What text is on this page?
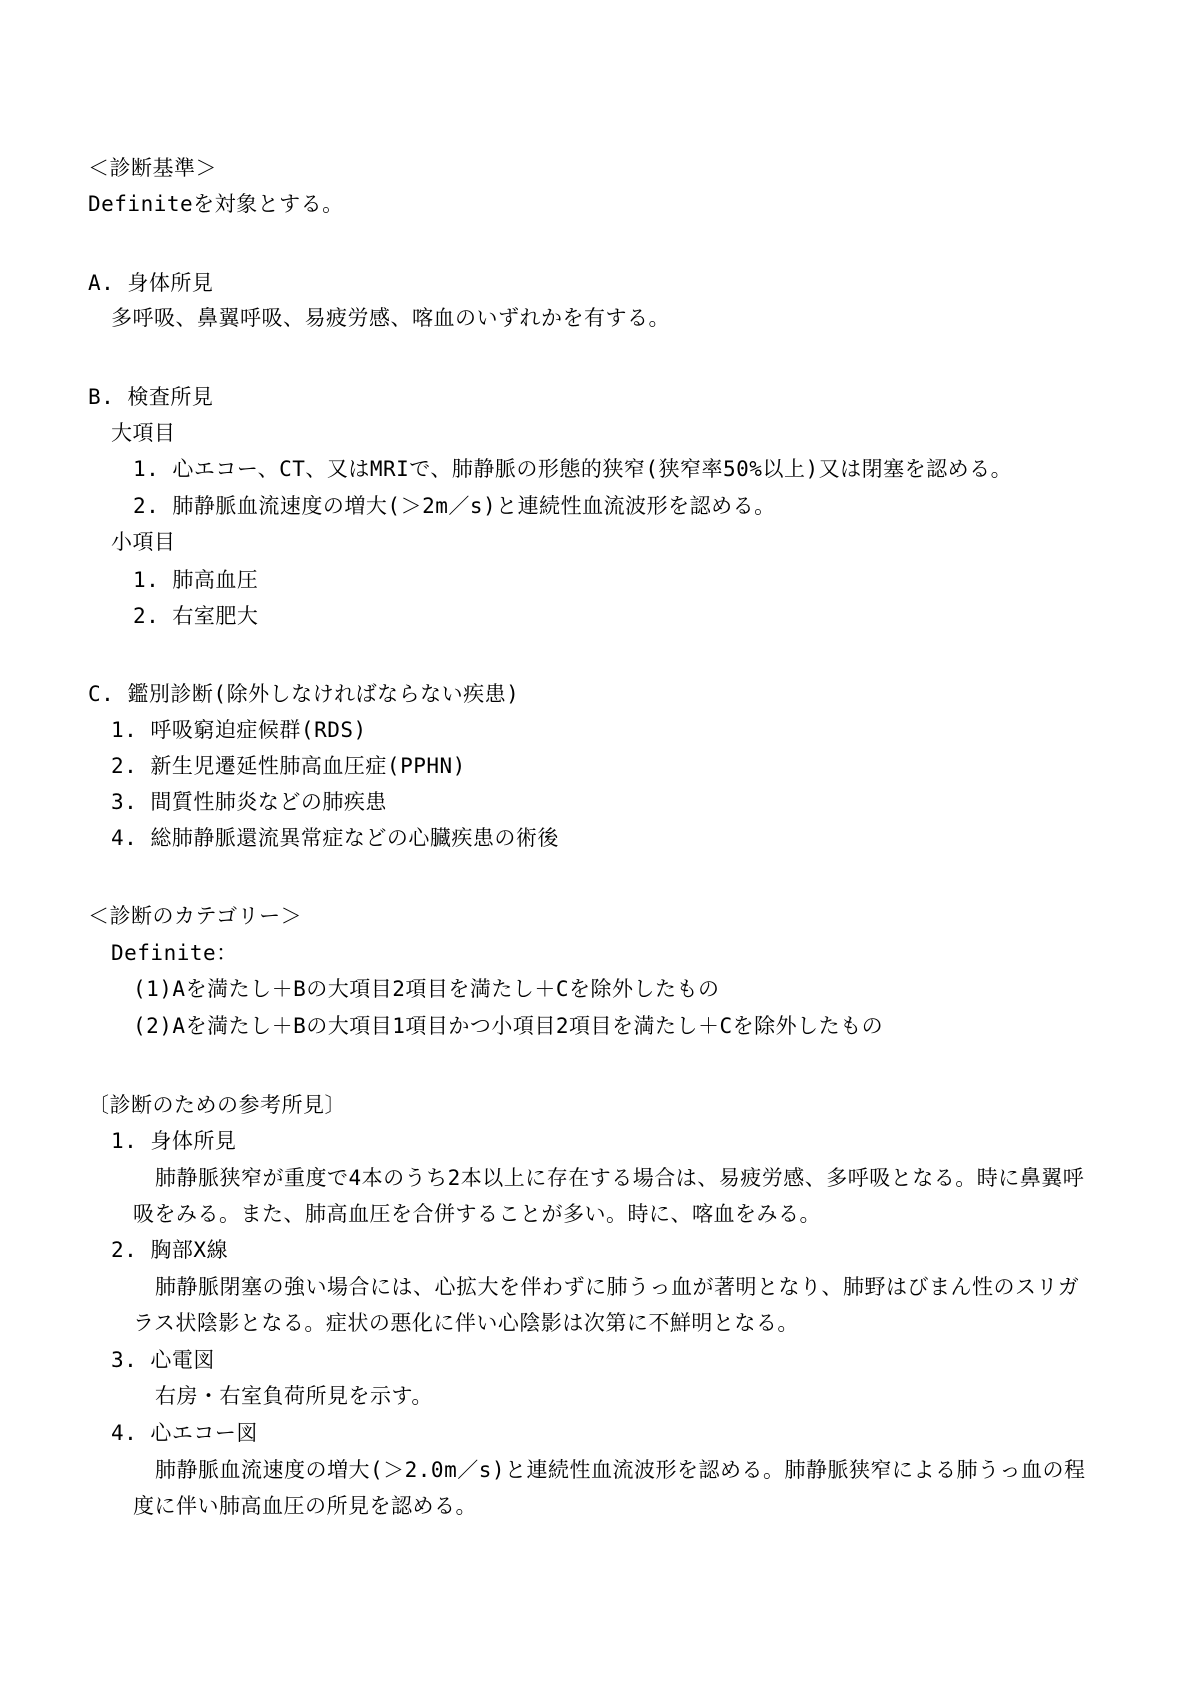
＜診断基準＞
Definiteを対象とする。
A. 身体所見
多呼吸、鼻翼呼吸、易疲労感、喀血のいずれかを有する。
B. 検査所見
大項目
1. 心エコー、CT、又はMRIで、肺静脈の形態的狭窄(狭窄率50%以上)又は閉塞を認める。
2. 肺静脈血流速度の増大(＞2m／s)と連続性血流波形を認める。
小項目
1. 肺高血圧
2. 右室肥大
C. 鑑別診断(除外しなければならない疾患)
1. 呼吸窮迫症候群(RDS)
2. 新生児遷延性肺高血圧症(PPHN)
3. 間質性肺炎などの肺疾患
4. 総肺静脈還流異常症などの心臓疾患の術後
＜診断のカテゴリー＞
Definite：
(1)Aを満たし＋Bの大項目2項目を満たし＋Cを除外したもの
(2)Aを満たし＋Bの大項目1項目かつ小項目2項目を満たし＋Cを除外したもの
〔診断のための参考所見〕
1. 身体所見
肺静脈狭窄が重度で4本のうち2本以上に存在する場合は、易疲労感、多呼吸となる。時に鼻翼呼
吸をみる。また、肺高血圧を合併することが多い。時に、喀血をみる。
2. 胸部X線
肺静脈閉塞の強い場合には、心拡大を伴わずに肺うっ血が著明となり、肺野はびまん性のスリガ
ラス状陰影となる。症状の悪化に伴い心陰影は次第に不鮮明となる。
3. 心電図
右房・右室負荷所見を示す。
4. 心エコー図
肺静脈血流速度の増大(＞2.0m／s)と連続性血流波形を認める。肺静脈狭窄による肺うっ血の程
度に伴い肺高血圧の所見を認める。
